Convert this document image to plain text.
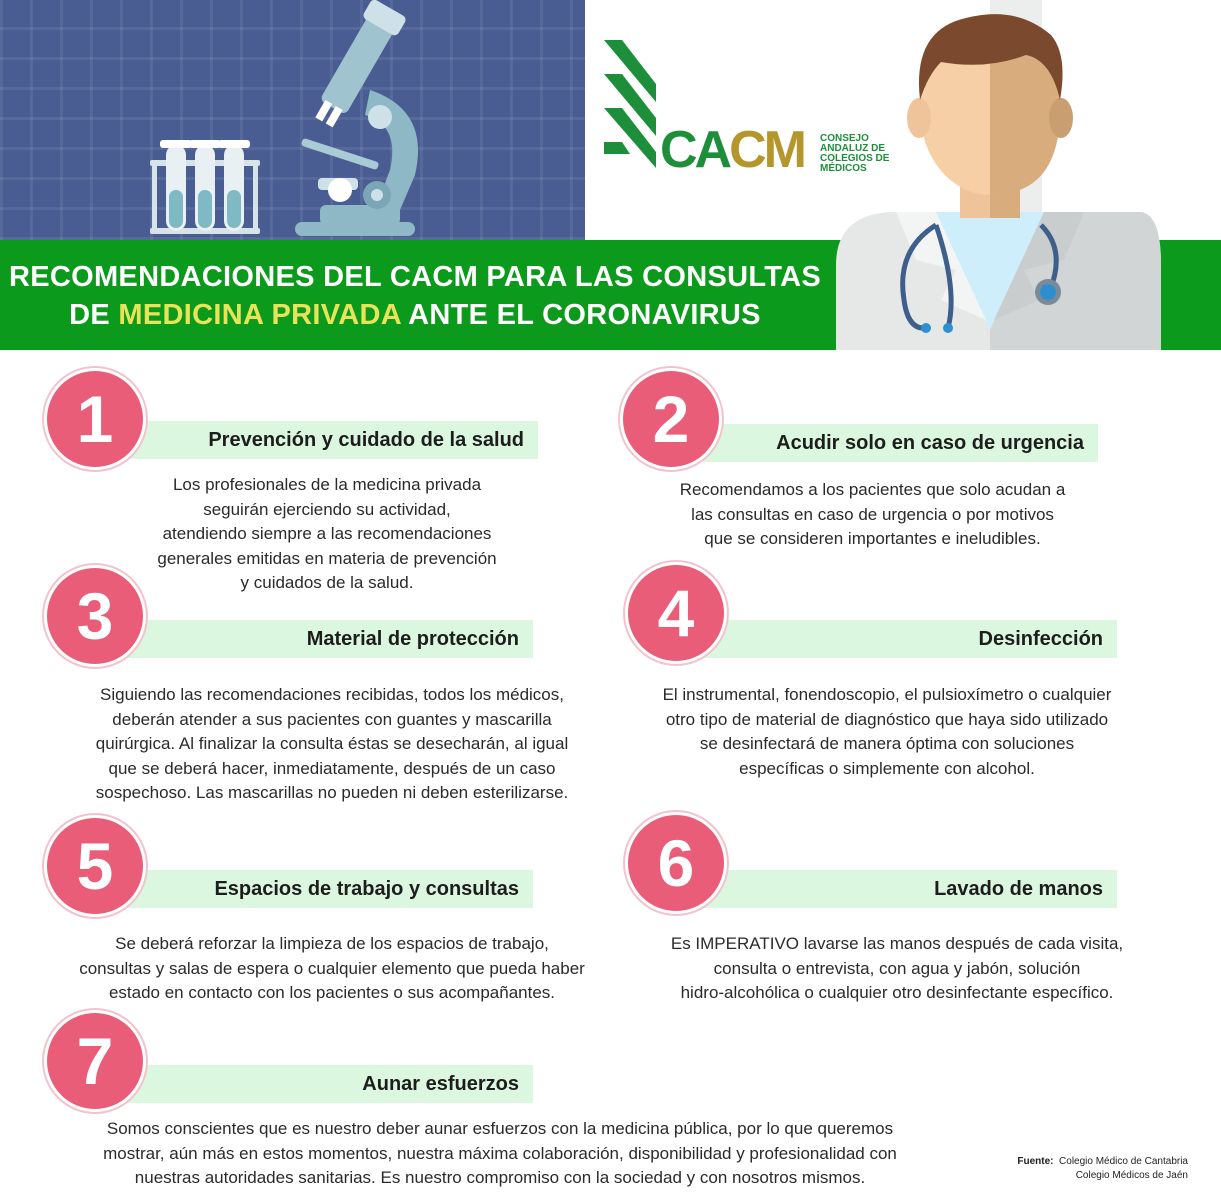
CACM CONSEJO
ANDALUZ DE
COLEGIOS DE
MÉDICOS
RECOMENDACIONES DEL CACM PARA LAS CONSULTAS
DE MEDICINA PRIVADA ANTE EL CORONAVIRUS
1	Prevención y cuidado de la salud
Los profesionales de la medicina privada
seguirán ejerciendo su actividad,
atendiendo siempre a las recomendaciones
generales emitidas en materia de prevención
y cuidados de la salud.
2	Acudir solo en caso de urgencia
Recomendamos a los pacientes que solo acudan a
las consultas en caso de urgencia o por motivos
que se consideren importantes e ineludibles.
3	Material de protección
Siguiendo las recomendaciones recibidas, todos los médicos,
deberán atender a sus pacientes con guantes y mascarilla
quirúrgica. Al finalizar la consulta éstas se desecharán, al igual
que se deberá hacer, inmediatamente, después de un caso
sospechoso. Las mascarillas no pueden ni deben esterilizarse.
4	Desinfección
El instrumental, fonendoscopio, el pulsioxímetro o cualquier
otro tipo de material de diagnóstico que haya sido utilizado
se desinfectará de manera óptima con soluciones
específicas o simplemente con alcohol.
5	Espacios de trabajo y consultas
Se deberá reforzar la limpieza de los espacios de trabajo,
consultas y salas de espera o cualquier elemento que pueda haber
estado en contacto con los pacientes o sus acompañantes.
6	Lavado de manos
Es IMPERATIVO lavarse las manos después de cada visita,
consulta o entrevista, con agua y jabón, solución
hidro-alcohólica o cualquier otro desinfectante específico.
7	Aunar esfuerzos
Somos conscientes que es nuestro deber aunar esfuerzos con la medicina pública, por lo que queremos
mostrar, aún más en estos momentos, nuestra máxima colaboración, disponibilidad y profesionalidad con
nuestras autoridades sanitarias. Es nuestro compromiso con la sociedad y con nosotros mismos.
Fuente: Colegio Médico de Cantabria
Colegio Médicos de Jaén
